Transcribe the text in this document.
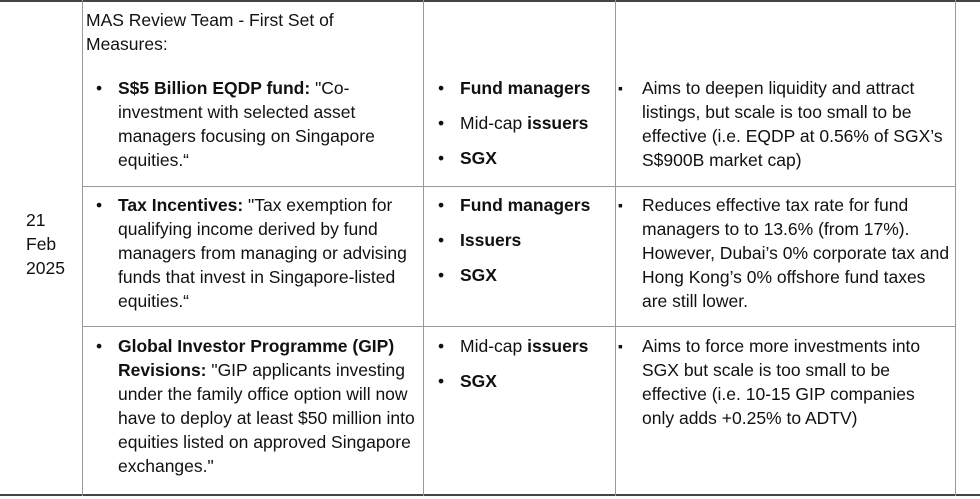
21
Feb
2025
MAS Review Team - First Set of Measures:
• S$5 Billion EQDP fund: "Co-investment with selected asset managers focusing on Singapore equities.“
• Fund managers
• Mid-cap issuers
• SGX
▪ Aims to deepen liquidity and attract listings, but scale is too small to be effective (i.e. EQDP at 0.56% of SGX’s S$900B market cap)
• Tax Incentives: "Tax exemption for qualifying income derived by fund managers from managing or advising funds that invest in Singapore-listed equities.“
• Fund managers
• Issuers
• SGX
▪ Reduces effective tax rate for fund managers to to 13.6% (from 17%). However, Dubai’s 0% corporate tax and Hong Kong’s 0% offshore fund taxes are still lower.
• Global Investor Programme (GIP) Revisions: "GIP applicants investing under the family office option will now have to deploy at least $50 million into equities listed on approved Singapore exchanges."
• Mid-cap issuers
• SGX
▪ Aims to force more investments into SGX but scale is too small to be effective (i.e. 10-15 GIP companies only adds +0.25% to ADTV)
